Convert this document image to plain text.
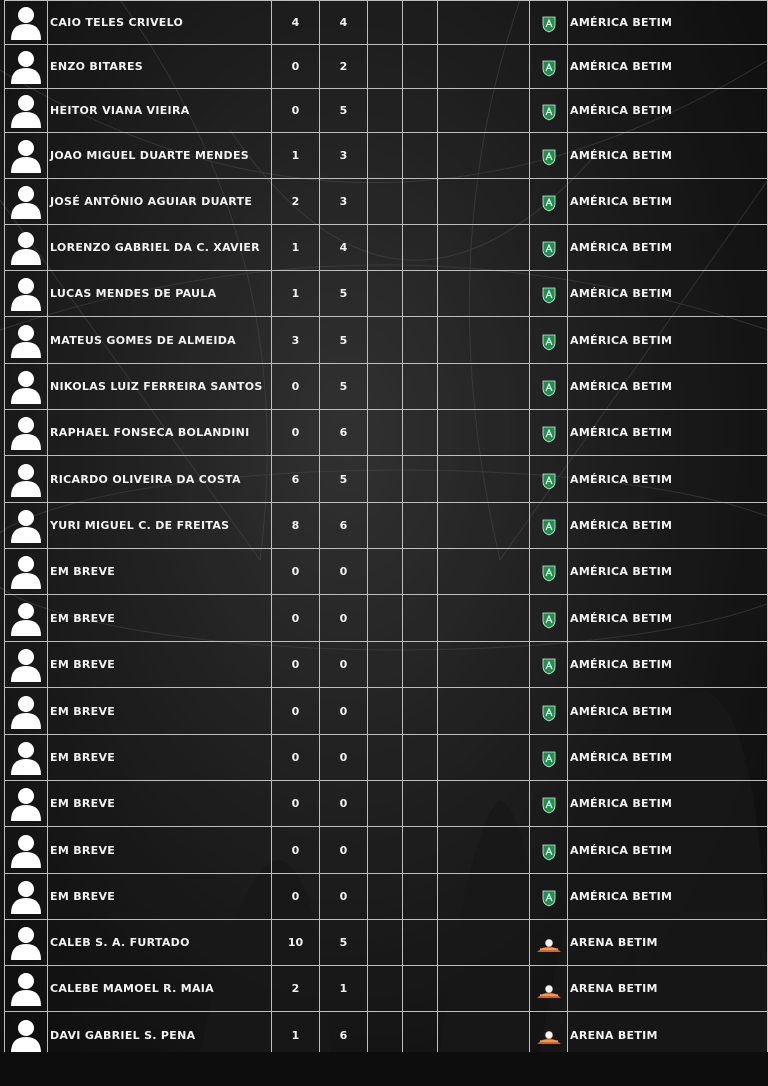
	CAIO TELES CRIVELO	4	4					AMÉRICA BETIM
	ENZO BITARES	0	2					AMÉRICA BETIM
	HEITOR VIANA VIEIRA	0	5					AMÉRICA BETIM
	JOAO MIGUEL DUARTE MENDES	1	3					AMÉRICA BETIM
	JOSÉ ANTÔNIO AGUIAR DUARTE	2	3					AMÉRICA BETIM
	LORENZO GABRIEL DA C. XAVIER	1	4					AMÉRICA BETIM
	LUCAS MENDES DE PAULA	1	5					AMÉRICA BETIM
	MATEUS GOMES DE ALMEIDA	3	5					AMÉRICA BETIM
	NIKOLAS LUIZ FERREIRA SANTOS	0	5					AMÉRICA BETIM
	RAPHAEL FONSECA BOLANDINI	0	6					AMÉRICA BETIM
	RICARDO OLIVEIRA DA COSTA	6	5					AMÉRICA BETIM
	YURI MIGUEL C. DE FREITAS	8	6					AMÉRICA BETIM
	EM BREVE	0	0					AMÉRICA BETIM
	EM BREVE	0	0					AMÉRICA BETIM
	EM BREVE	0	0					AMÉRICA BETIM
	EM BREVE	0	0					AMÉRICA BETIM
	EM BREVE	0	0					AMÉRICA BETIM
	EM BREVE	0	0					AMÉRICA BETIM
	EM BREVE	0	0					AMÉRICA BETIM
	EM BREVE	0	0					AMÉRICA BETIM
	CALEB S. A. FURTADO	10	5					ARENA BETIM
	CALEBE MAMOEL R. MAIA	2	1					ARENA BETIM
	DAVI GABRIEL S. PENA	1	6					ARENA BETIM
